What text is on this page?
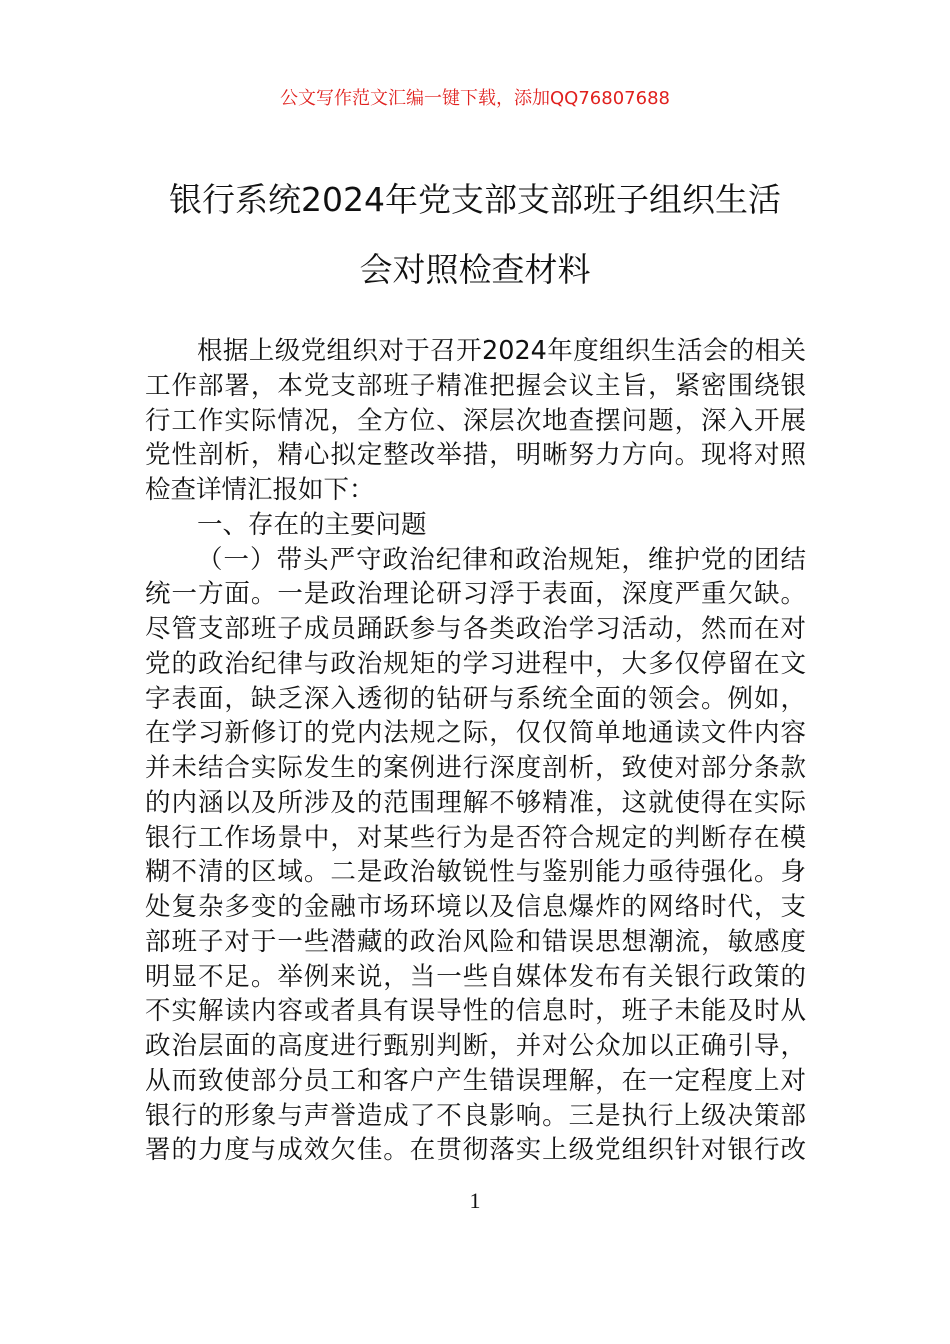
公文写作范文汇编一键下载，添加QQ76807688
银行系统2024年党支部支部班子组织生活
会对照检查材料
根据上级党组织对于召开2024年度组织生活会的相关
工作部署，本党支部班子精准把握会议主旨，紧密围绕银
行工作实际情况，全方位、深层次地查摆问题，深入开展
党性剖析，精心拟定整改举措，明晰努力方向。现将对照
检查详情汇报如下：
一、存在的主要问题
（一）带头严守政治纪律和政治规矩，维护党的团结
统一方面。一是政治理论研习浮于表面，深度严重欠缺。
尽管支部班子成员踊跃参与各类政治学习活动，然而在对
党的政治纪律与政治规矩的学习进程中，大多仅停留在文
字表面，缺乏深入透彻的钻研与系统全面的领会。例如，
在学习新修订的党内法规之际，仅仅简单地通读文件内容
并未结合实际发生的案例进行深度剖析，致使对部分条款
的内涵以及所涉及的范围理解不够精准，这就使得在实际
银行工作场景中，对某些行为是否符合规定的判断存在模
糊不清的区域。二是政治敏锐性与鉴别能力亟待强化。身
处复杂多变的金融市场环境以及信息爆炸的网络时代，支
部班子对于一些潜藏的政治风险和错误思想潮流，敏感度
明显不足。举例来说，当一些自媒体发布有关银行政策的
不实解读内容或者具有误导性的信息时，班子未能及时从
政治层面的高度进行甄别判断，并对公众加以正确引导，
从而致使部分员工和客户产生错误理解，在一定程度上对
银行的形象与声誉造成了不良影响。三是执行上级决策部
署的力度与成效欠佳。在贯彻落实上级党组织针对银行改
1
